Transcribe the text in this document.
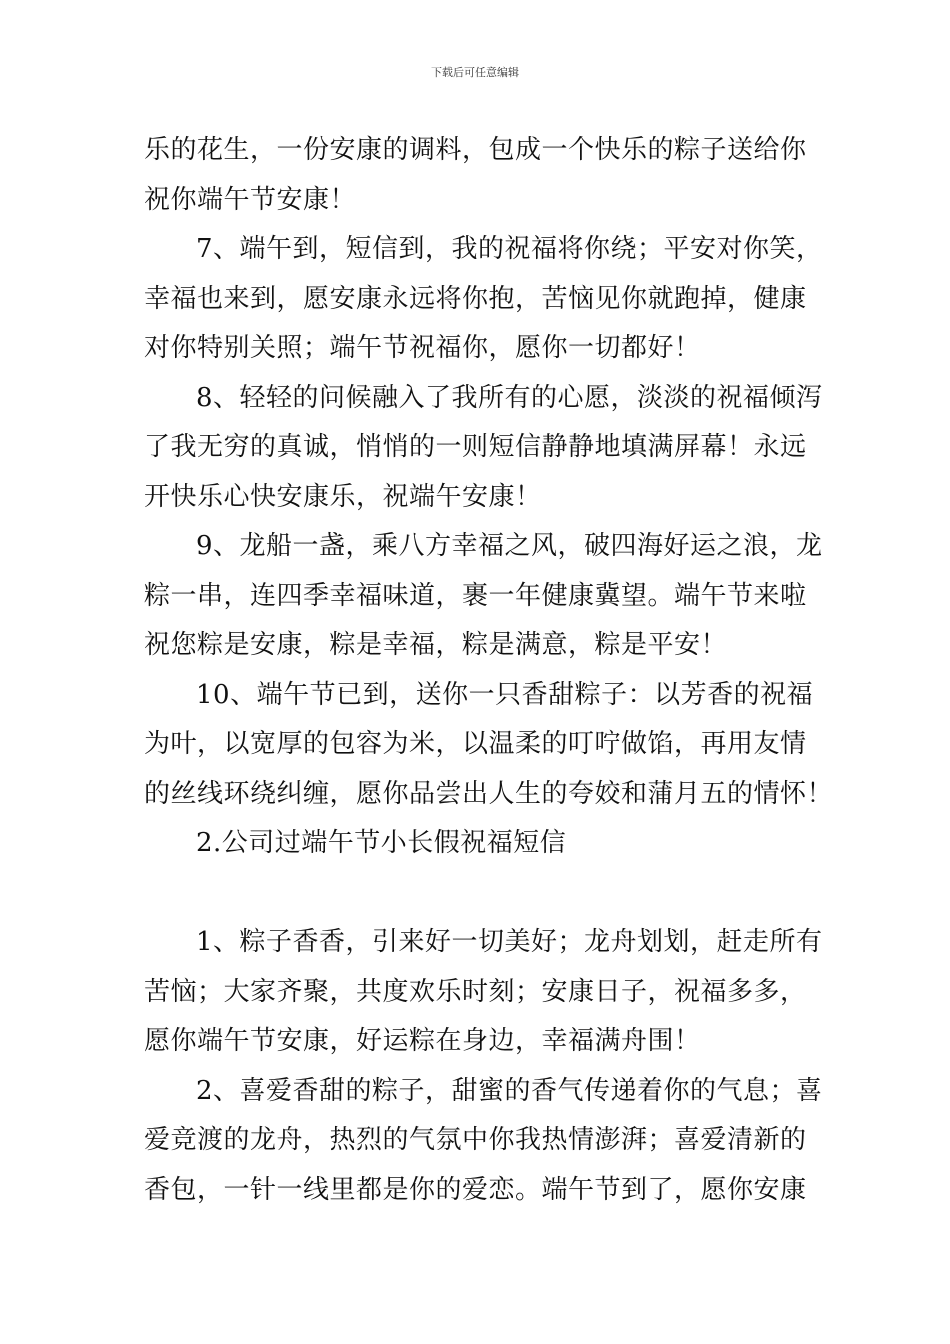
下载后可任意编辑
乐的花生，一份安康的调料，包成一个快乐的粽子送给你
祝你端午节安康！
7、端午到，短信到，我的祝福将你绕；平安对你笑，
幸福也来到，愿安康永远将你抱，苦恼见你就跑掉，健康
对你特别关照；端午节祝福你，愿你一切都好！
8、轻轻的问候融入了我所有的心愿，淡淡的祝福倾泻
了我无穷的真诚，悄悄的一则短信静静地填满屏幕！永远
开快乐心快安康乐，祝端午安康！
9、龙船一盏，乘八方幸福之风，破四海好运之浪，龙
粽一串，连四季幸福味道，裹一年健康冀望。端午节来啦
祝您粽是安康，粽是幸福，粽是满意，粽是平安！
10、端午节已到，送你一只香甜粽子：以芳香的祝福
为叶，以宽厚的包容为米，以温柔的叮咛做馅，再用友情
的丝线环绕纠缠，愿你品尝出人生的夸姣和蒲月五的情怀！
2.公司过端午节小长假祝福短信
1、粽子香香，引来好一切美好；龙舟划划，赶走所有
苦恼；大家齐聚，共度欢乐时刻；安康日子，祝福多多，
愿你端午节安康，好运粽在身边，幸福满舟围！
2、喜爱香甜的粽子，甜蜜的香气传递着你的气息；喜
爱竞渡的龙舟，热烈的气氛中你我热情澎湃；喜爱清新的
香包，一针一线里都是你的爱恋。端午节到了，愿你安康
